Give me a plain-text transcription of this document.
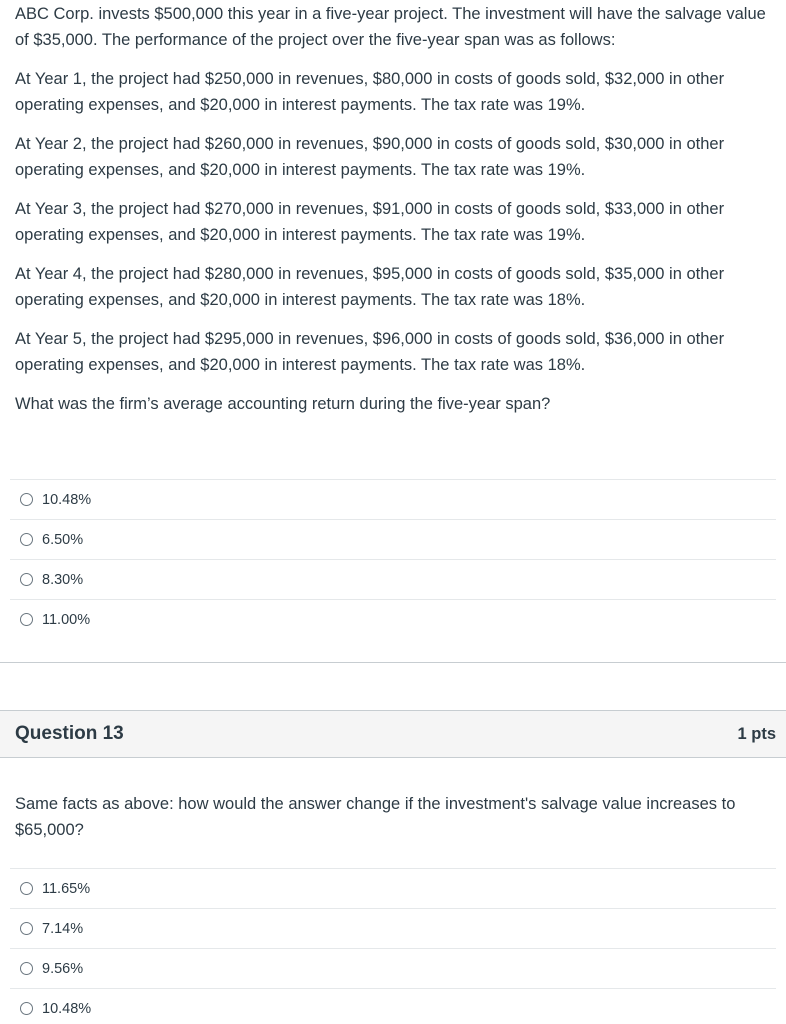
ABC Corp. invests $500,000 this year in a five-year project. The investment will have the salvage value of $35,000. The performance of the project over the five-year span was as follows:

At Year 1, the project had $250,000 in revenues, $80,000 in costs of goods sold, $32,000 in other operating expenses, and $20,000 in interest payments. The tax rate was 19%.

At Year 2, the project had $260,000 in revenues, $90,000 in costs of goods sold, $30,000 in other operating expenses, and $20,000 in interest payments. The tax rate was 19%.

At Year 3, the project had $270,000 in revenues, $91,000 in costs of goods sold, $33,000 in other operating expenses, and $20,000 in interest payments. The tax rate was 19%.

At Year 4, the project had $280,000 in revenues, $95,000 in costs of goods sold, $35,000 in other operating expenses, and $20,000 in interest payments. The tax rate was 18%.

At Year 5, the project had $295,000 in revenues, $96,000 in costs of goods sold, $36,000 in other operating expenses, and $20,000 in interest payments. The tax rate was 18%.

What was the firm’s average accounting return during the five-year span?

10.48%
6.50%
8.30%
11.00%
Question 13	1 pts

Same facts as above: how would the answer change if the investment's salvage value increases to $65,000?

11.65%
7.14%
9.56%
10.48%
